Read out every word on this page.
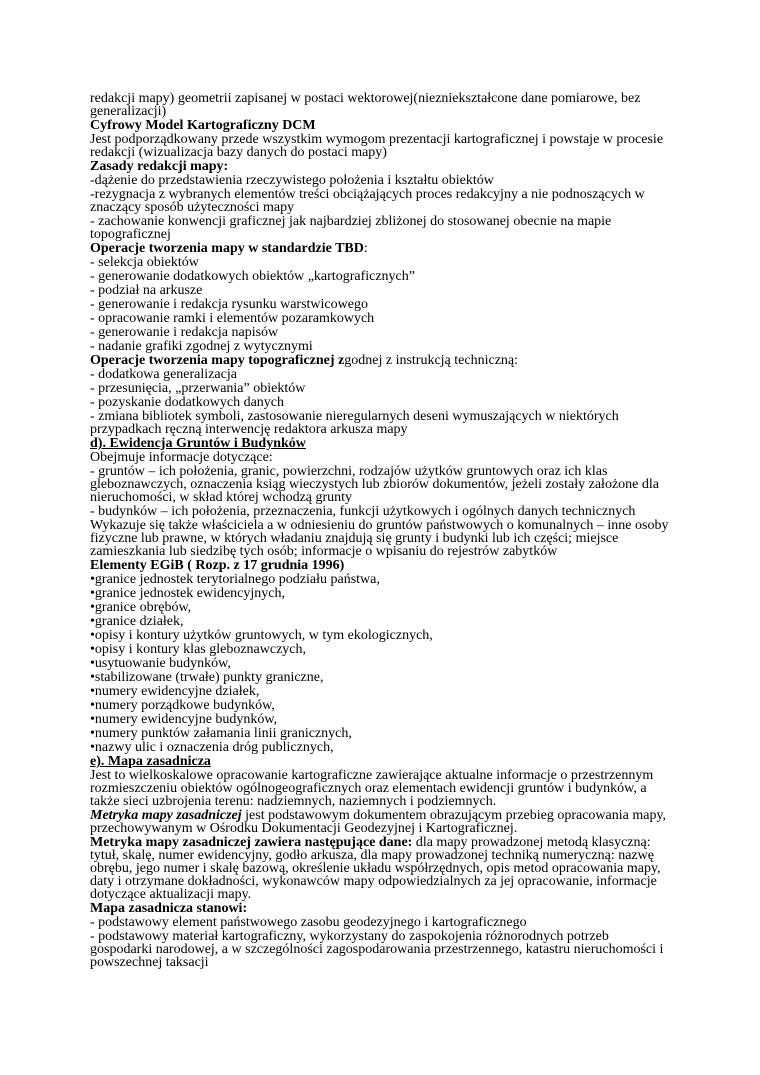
redakcji mapy) geometrii zapisanej w postaci wektorowej(niezniekształcone dane pomiarowe, bez generalizacji)

Cyfrowy Model Kartograficzny DCM

Jest podporządkowany przede wszystkim wymogom prezentacji kartograficznej i powstaje w procesie redakcji (wizualizacja bazy danych do postaci mapy)

Zasady redakcji mapy:

-dążenie do przedstawienia rzeczywistego położenia i kształtu obiektów

-rezygnacja z wybranych elementów treści obciążających proces redakcyjny a nie podnoszących w znaczący sposób użyteczności mapy

- zachowanie konwencji graficznej jak najbardziej zbliżonej do stosowanej obecnie na mapie topograficznej

Operacje tworzenia mapy w standardzie TBD:

- selekcja obiektów

- generowanie dodatkowych obiektów „kartograficznych”

- podział na arkusze

- generowanie i redakcja rysunku warstwicowego

- opracowanie ramki i elementów pozaramkowych

- generowanie i redakcja napisów

- nadanie grafiki zgodnej z wytycznymi

Operacje tworzenia mapy topograficznej zgodnej z instrukcją techniczną:

- dodatkowa generalizacja

- przesunięcia, „przerwania” obiektów

- pozyskanie dodatkowych danych

- zmiana bibliotek symboli, zastosowanie nieregularnych deseni wymuszających w niektórych przypadkach ręczną interwencję redaktora arkusza mapy

d). Ewidencja Gruntów i Budynków

Obejmuje informacje dotyczące:

- gruntów – ich położenia, granic, powierzchni, rodzajów użytków gruntowych oraz ich klas gleboznawczych, oznaczenia ksiąg wieczystych lub zbiorów dokumentów, jeżeli zostały założone dla nieruchomości, w skład której wchodzą grunty

- budynków – ich położenia, przeznaczenia, funkcji użytkowych i ogólnych danych technicznych

Wykazuje się także właściciela a w odniesieniu do gruntów państwowych o komunalnych – inne osoby fizyczne lub prawne, w których władaniu znajdują się grunty i budynki lub ich części; miejsce zamieszkania lub siedzibę tych osób; informacje o wpisaniu do rejestrów zabytków

Elementy EGiB ( Rozp. z 17 grudnia 1996)

•granice jednostek terytorialnego podziału państwa,

•granice jednostek ewidencyjnych,

•granice obrębów,

•granice działek,

•opisy i kontury użytków gruntowych, w tym ekologicznych,

•opisy i kontury klas gleboznawczych,

•usytuowanie budynków,

•stabilizowane (trwałe) punkty graniczne,

•numery ewidencyjne działek,

•numery porządkowe budynków,

•numery ewidencyjne budynków,

•numery punktów załamania linii granicznych,

•nazwy ulic i oznaczenia dróg publicznych,

e). Mapa zasadnicza

Jest to wielkoskalowe opracowanie kartograficzne zawierające aktualne informacje o przestrzennym rozmieszczeniu obiektów ogólnogeograficznych oraz elementach ewidencji gruntów i budynków, a także sieci uzbrojenia terenu: nadziemnych, naziemnych i podziemnych.

Metryka mapy zasadniczej jest podstawowym dokumentem obrazującym przebieg opracowania mapy, przechowywanym w Ośrodku Dokumentacji Geodezyjnej i Kartograficznej.

Metryka mapy zasadniczej zawiera następujące dane: dla mapy prowadzonej metodą klasyczną: tytuł, skalę, numer ewidencyjny, godło arkusza, dla mapy prowadzonej techniką numeryczną: nazwę obrębu, jego numer i skalę bazową, określenie układu współrzędnych, opis metod opracowania mapy, daty i otrzymane dokładności, wykonawców mapy odpowiedzialnych za jej opracowanie, informacje dotyczące aktualizacji mapy.

Mapa zasadnicza stanowi:

- podstawowy element państwowego zasobu geodezyjnego i kartograficznego

- podstawowy materiał kartograficzny, wykorzystany do zaspokojenia różnorodnych potrzeb gospodarki narodowej, a w szczególności zagospodarowania przestrzennego, katastru nieruchomości i powszechnej taksacji
